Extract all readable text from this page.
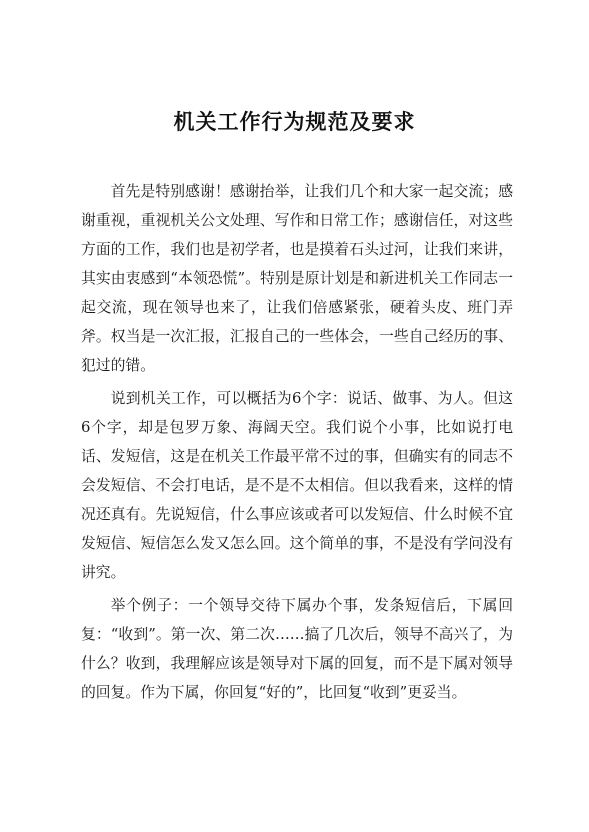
机关工作行为规范及要求

首先是特别感谢！感谢抬举，让我们几个和大家一起交流；感谢重视，重视机关公文处理、写作和日常工作；感谢信任，对这些方面的工作，我们也是初学者，也是摸着石头过河，让我们来讲，其实由衷感到“本领恐慌”。特别是原计划是和新进机关工作同志一起交流，现在领导也来了，让我们倍感紧张，硬着头皮、班门弄斧。权当是一次汇报，汇报自己的一些体会，一些自己经历的事、犯过的错。

说到机关工作，可以概括为6个字：说话、做事、为人。但这6个字，却是包罗万象、海阔天空。我们说个小事，比如说打电话、发短信，这是在机关工作最平常不过的事，但确实有的同志不会发短信、不会打电话，是不是不太相信。但以我看来，这样的情况还真有。先说短信，什么事应该或者可以发短信、什么时候不宜发短信、短信怎么发又怎么回。这个简单的事，不是没有学问没有讲究。

举个例子：一个领导交待下属办个事，发条短信后，下属回复：“收到”。第一次、第二次……搞了几次后，领导不高兴了，为什么？收到，我理解应该是领导对下属的回复，而不是下属对领导的回复。作为下属，你回复“好的”，比回复“收到”更妥当。
